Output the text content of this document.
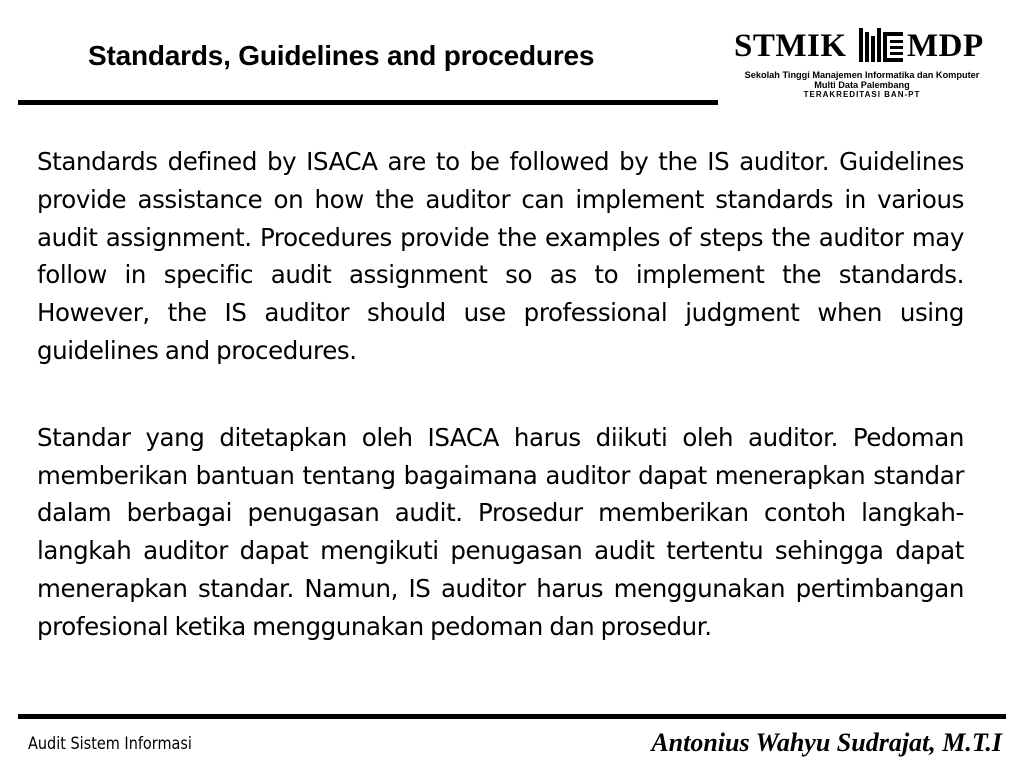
Standards, Guidelines and procedures	STMIK MDP
Sekolah Tinggi Manajemen Informatika dan Komputer
Multi Data Palembang
TERAKREDITASI BAN-PT

Standards defined by ISACA are to be followed by the IS auditor. Guidelines provide assistance on how the auditor can implement standards in various audit assignment. Procedures provide the examples of steps the auditor may follow in specific audit assignment so as to implement the standards. However, the IS auditor should use professional judgment when using guidelines and procedures.

Standar yang ditetapkan oleh ISACA harus diikuti oleh auditor. Pedoman memberikan bantuan tentang bagaimana auditor dapat menerapkan standar dalam berbagai penugasan audit. Prosedur memberikan contoh langkah-langkah auditor dapat mengikuti penugasan audit tertentu sehingga dapat menerapkan standar. Namun, IS auditor harus menggunakan pertimbangan profesional ketika menggunakan pedoman dan prosedur.

Audit Sistem Informasi	Antonius Wahyu Sudrajat, M.T.I
